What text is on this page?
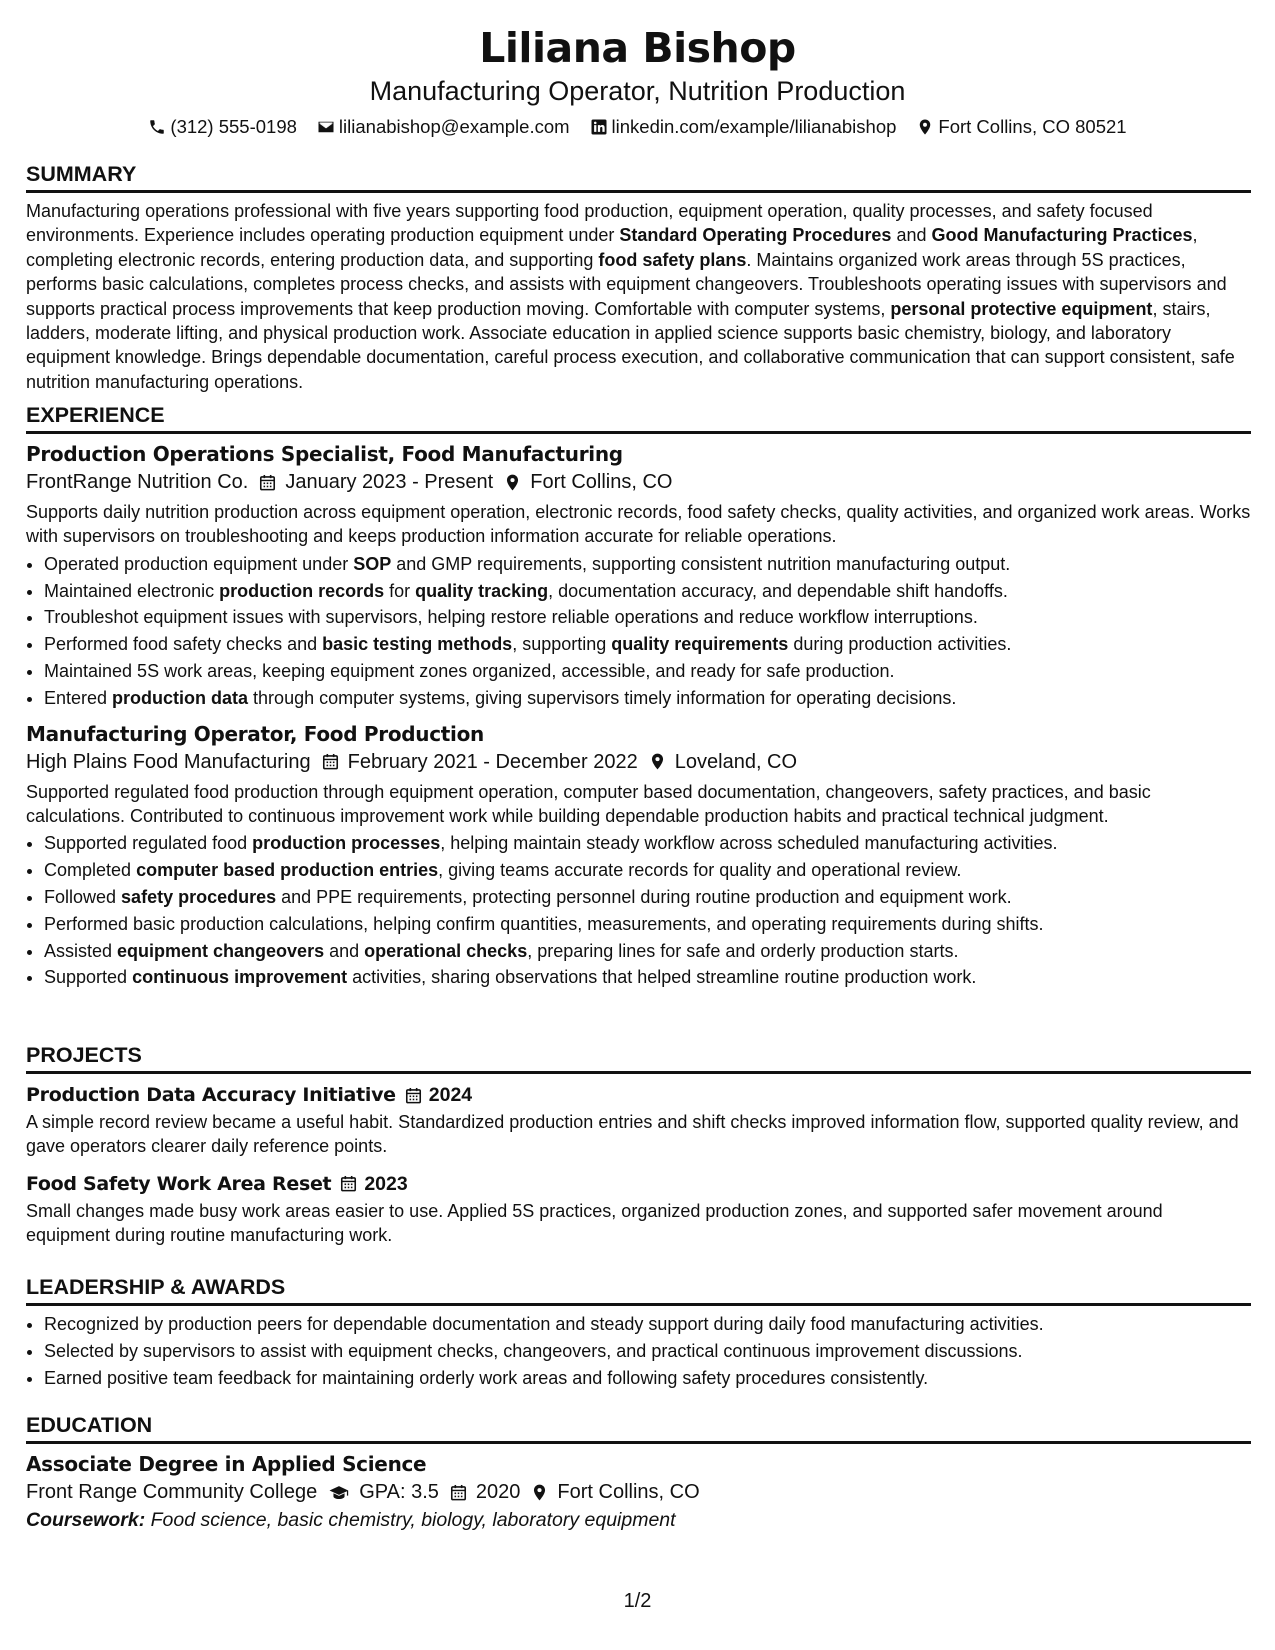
Liliana Bishop
Manufacturing Operator, Nutrition Production
(312) 555-0198 lilianabishop@example.com linkedin.com/example/lilianabishop Fort Collins, CO 80521
SUMMARY

Manufacturing operations professional with five years supporting food production, equipment operation, quality processes, and safety focused environments. Experience includes operating production equipment under Standard Operating Procedures and Good Manufacturing Practices, completing electronic records, entering production data, and supporting food safety plans. Maintains organized work areas through 5S practices, performs basic calculations, completes process checks, and assists with equipment changeovers. Troubleshoots operating issues with supervisors and supports practical process improvements that keep production moving. Comfortable with computer systems, personal protective equipment, stairs, ladders, moderate lifting, and physical production work. Associate education in applied science supports basic chemistry, biology, and laboratory equipment knowledge. Brings dependable documentation, careful process execution, and collaborative communication that can support consistent, safe nutrition manufacturing operations.

EXPERIENCE
Production Operations Specialist, Food Manufacturing
FrontRange Nutrition Co. January 2023 - Present Fort Collins, CO

Supports daily nutrition production across equipment operation, electronic records, food safety checks, quality activities, and organized work areas. Works with supervisors on troubleshooting and keeps production information accurate for reliable operations.

• Operated production equipment under SOP and GMP requirements, supporting consistent nutrition manufacturing output.
• Maintained electronic production records for quality tracking, documentation accuracy, and dependable shift handoffs.
• Troubleshot equipment issues with supervisors, helping restore reliable operations and reduce workflow interruptions.
• Performed food safety checks and basic testing methods, supporting quality requirements during production activities.
• Maintained 5S work areas, keeping equipment zones organized, accessible, and ready for safe production.
• Entered production data through computer systems, giving supervisors timely information for operating decisions.
Manufacturing Operator, Food Production
High Plains Food Manufacturing February 2021 - December 2022 Loveland, CO

Supported regulated food production through equipment operation, computer based documentation, changeovers, safety practices, and basic calculations. Contributed to continuous improvement work while building dependable production habits and practical technical judgment.

• Supported regulated food production processes, helping maintain steady workflow across scheduled manufacturing activities.
• Completed computer based production entries, giving teams accurate records for quality and operational review.
• Followed safety procedures and PPE requirements, protecting personnel during routine production and equipment work.
• Performed basic production calculations, helping confirm quantities, measurements, and operating requirements during shifts.
• Assisted equipment changeovers and operational checks, preparing lines for safe and orderly production starts.
• Supported continuous improvement activities, sharing observations that helped streamline routine production work.
PROJECTS
Production Data Accuracy Initiative 2024

A simple record review became a useful habit. Standardized production entries and shift checks improved information flow, supported quality review, and gave operators clearer daily reference points.

Food Safety Work Area Reset 2023

Small changes made busy work areas easier to use. Applied 5S practices, organized production zones, and supported safer movement around equipment during routine manufacturing work.

LEADERSHIP & AWARDS
• Recognized by production peers for dependable documentation and steady support during daily food manufacturing activities.
• Selected by supervisors to assist with equipment checks, changeovers, and practical continuous improvement discussions.
• Earned positive team feedback for maintaining orderly work areas and following safety procedures consistently.
EDUCATION
Associate Degree in Applied Science
Front Range Community College GPA: 3.5 2020 Fort Collins, CO
Coursework: Food science, basic chemistry, biology, laboratory equipment
1/2
